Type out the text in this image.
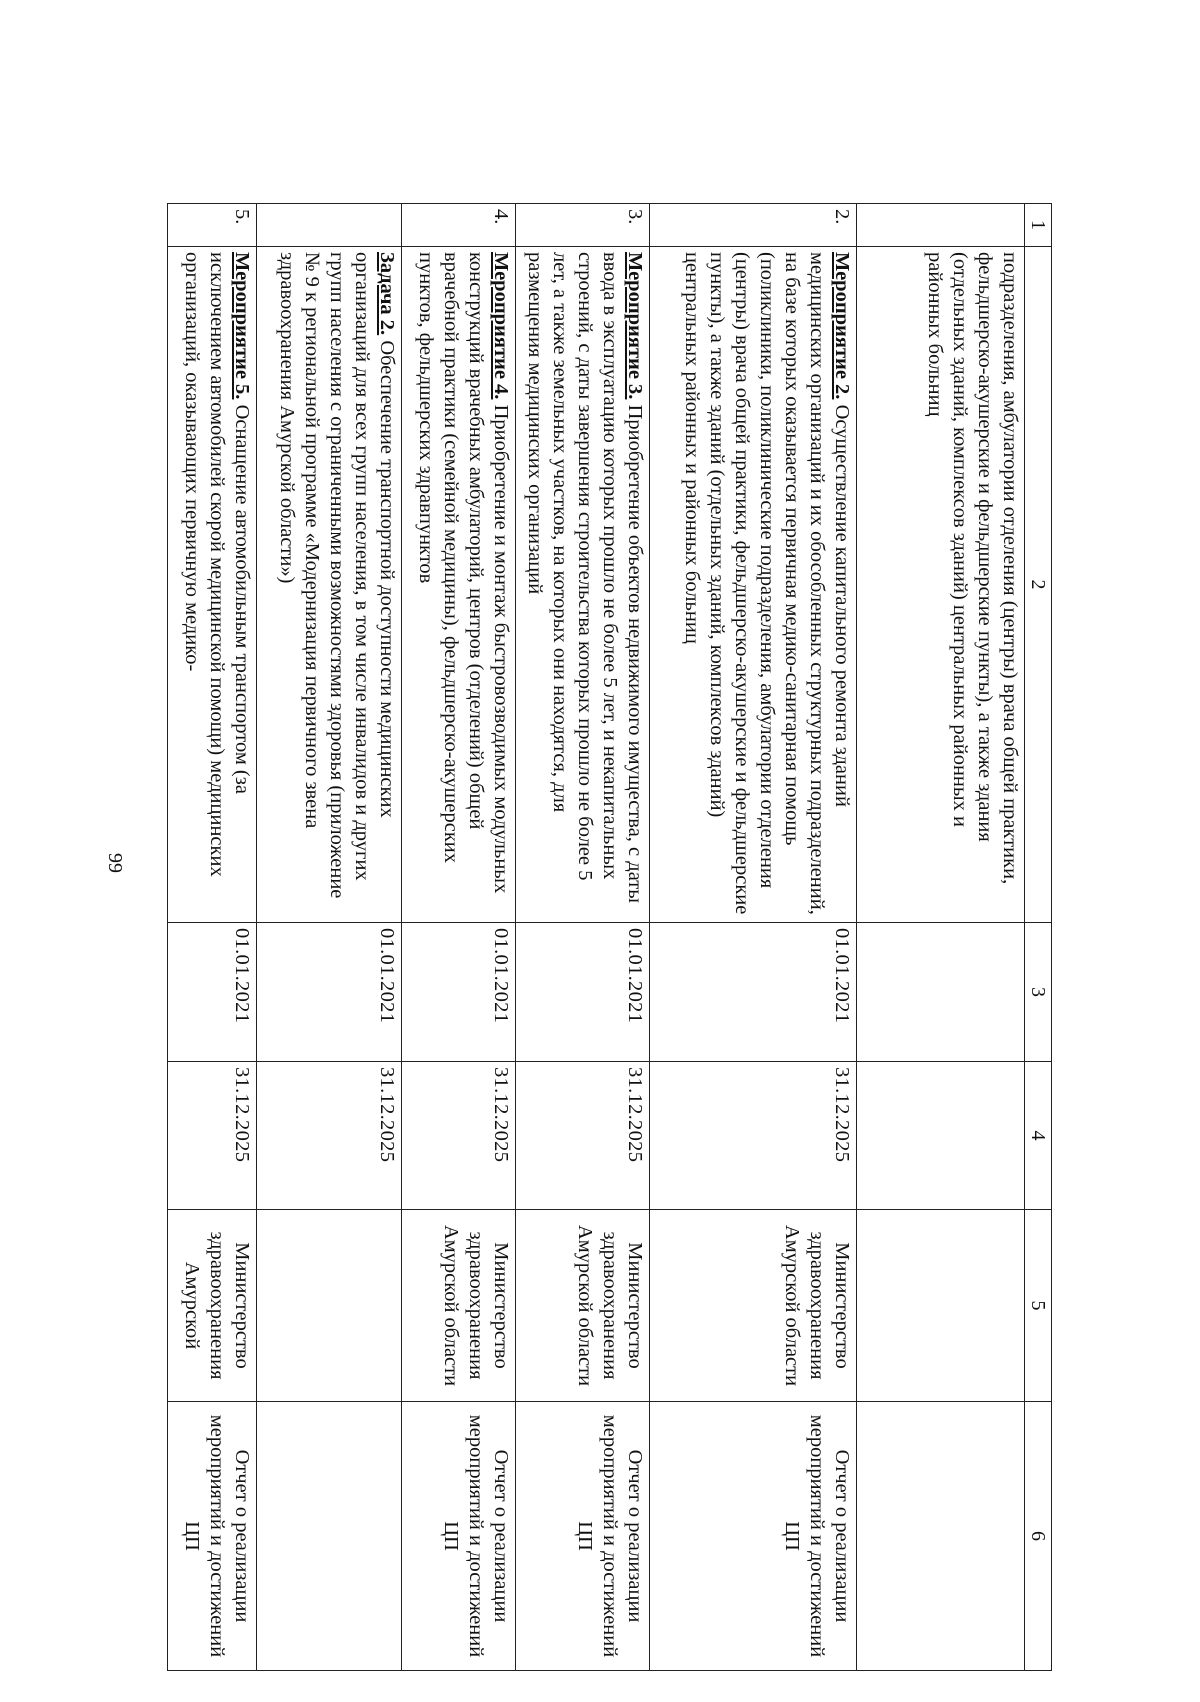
99
1	2	3	4	5	6
	подразделения, амбулатории отделения (центры) врача общей практики, фельдшерско-акушерские и фельдшерские пункты), а также здания (отдельных зданий, комплексов зданий) центральных районных и районных больниц				
2.	Мероприятие 2. Осуществление капитального ремонта зданий медицинских организаций и их обособленных структурных подразделений, на базе которых оказывается первичная медико-санитарная помощь (поликлиники, поликлинические подразделения, амбулатории отделения (центры) врача общей практики, фельдшерско-акушерские и фельдшерские пункты), а также зданий (отдельных зданий, комплексов зданий) центральных районных и районных больниц	01.01.2021	31.12.2025	Министерство здравоохранения Амурской области	Отчет о реализации мероприятий и достижений ЦП
3.	Мероприятие 3. Приобретение объектов недвижимого имущества, с даты ввода в эксплуатацию которых прошло не более 5 лет, и некапитальных строений, с даты завершения строительства которых прошло не более 5 лет, а также земельных участков, на которых они находятся, для размещения медицинских организаций	01.01.2021	31.12.2025	Министерство здравоохранения Амурской области	Отчет о реализации мероприятий и достижений ЦП
4.	Мероприятие 4. Приобретение и монтаж быстровозводимых модульных конструкций врачебных амбулаторий, центров (отделений) общей врачебной практики (семейной медицины), фельдшерско-акушерских пунктов, фельдшерских здравпунктов	01.01.2021	31.12.2025	Министерство здравоохранения Амурской области	Отчет о реализации мероприятий и достижений ЦП
	Задача 2. Обеспечение транспортной доступности медицинских организаций для всех групп населения, в том числе инвалидов и других групп населения с ограниченными возможностями здоровья (приложение № 9 к региональной программе «Модернизация первичного звена здравоохранения Амурской области»)	01.01.2021	31.12.2025		
5.	Мероприятие 5. Оснащение автомобильным транспортом (за исключением автомобилей скорой медицинской помощи) медицинских организаций, оказывающих первичную медико-	01.01.2021	31.12.2025	Министерство здравоохранения Амурской	Отчет о реализации мероприятий и достижений ЦП
